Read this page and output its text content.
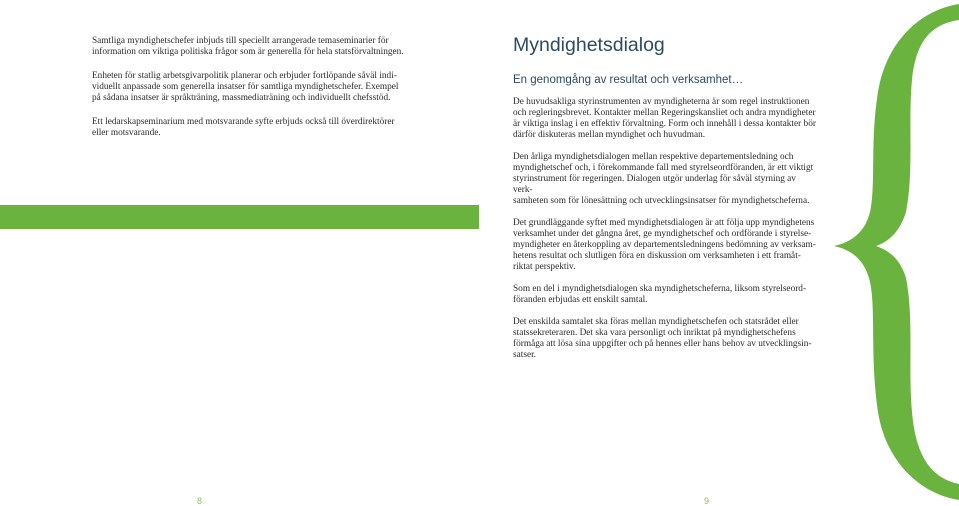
Samtliga myndighetschefer inbjuds till speciellt arrangerade temaseminarier för
information om viktiga politiska frågor som är generella för hela statsförvaltningen.

Enheten för statlig arbetsgivarpolitik planerar och erbjuder fortlöpande såväl indi-
viduellt anpassade som generella insatser för samtliga myndighetschefer. Exempel
på sådana insatser är språkträning, massmediaträning och individuellt chefsstöd.

Ett ledarskapseminarium med motsvarande syfte erbjuds också till överdirektörer
eller motsvarande.

8
Myndighetsdialog
En genomgång av resultat och verksamhet…

De huvudsakliga styrinstrumenten av myndigheterna är som regel instruktionen
och regleringsbrevet. Kontakter mellan Regeringskansliet och andra myndigheter
är viktiga inslag i en effektiv förvaltning. Form och innehåll i dessa kontakter bör
därför diskuteras mellan myndighet och huvudman.

Den årliga myndighetsdialogen mellan respektive departementsledning och
myndighetschef och, i förekommande fall med styrelseordföranden, är ett viktigt
styrinstrument för regeringen. Dialogen utgör underlag för såväl styrning av verk-
samheten som för lönesättning och utvecklingsinsatser för myndighetscheferna.

Det grundläggande syftet med myndighetsdialogen är att följa upp myndighetens
verksamhet under det gångna året, ge myndighetschef och ordförande i styrelse-
myndigheter en återkoppling av departementsledningens bedömning av verksam-
hetens resultat och slutligen föra en diskussion om verksamheten i ett framåt-
riktat perspektiv.

Som en del i myndighetsdialogen ska myndighetscheferna, liksom styrelseord-
föranden erbjudas ett enskilt samtal.

Det enskilda samtalet ska föras mellan myndighetschefen och statsrådet eller
statssekreteraren. Det ska vara personligt och inriktat på myndighetschefens
förmåga att lösa sina uppgifter och på hennes eller hans behov av utvecklingsin-
satser.

9
